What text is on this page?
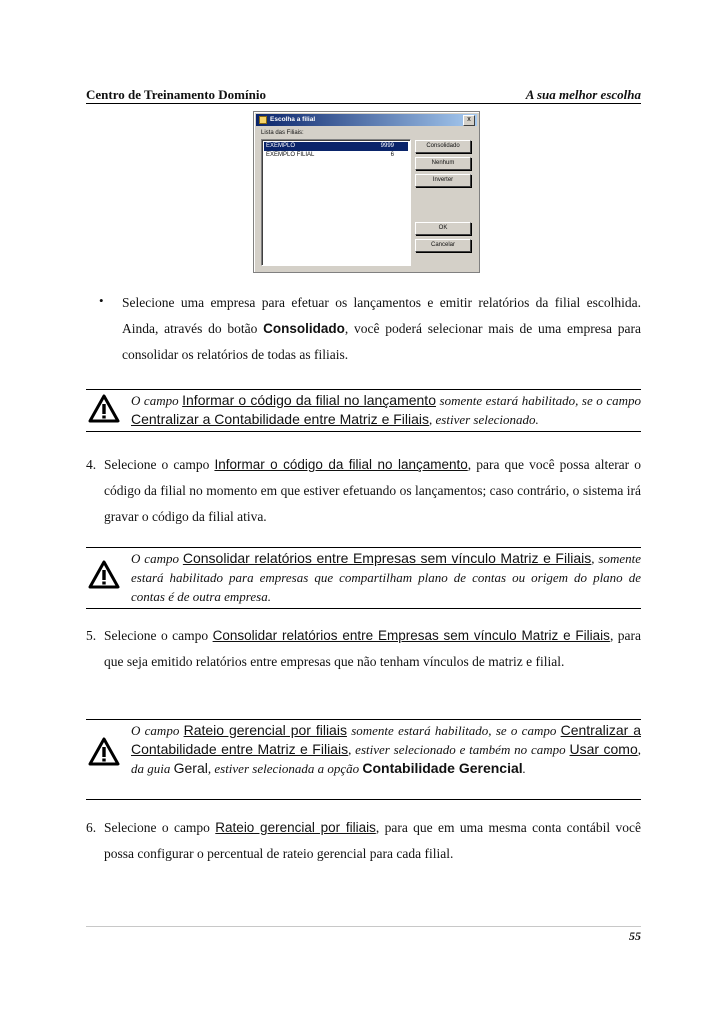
Centro de Treinamento Domínio	A sua melhor escolha
Escolha a filial	x
Lista das Filiais:
EXEMPLO	9999
EXEMPLO FILIAL	6
Consolidado
Nenhum
Inverter
OK
Cancelar
• Selecione uma empresa para efetuar os lançamentos e emitir relatórios da filial escolhida. Ainda, através do botão Consolidado, você poderá selecionar mais de uma empresa para consolidar os relatórios de todas as filiais.
O campo Informar o código da filial no lançamento somente estará habilitado, se o campo Centralizar a Contabilidade entre Matriz e Filiais, estiver selecionado.
4. Selecione o campo Informar o código da filial no lançamento, para que você possa alterar o código da filial no momento em que estiver efetuando os lançamentos; caso contrário, o sistema irá gravar o código da filial ativa.
O campo Consolidar relatórios entre Empresas sem vínculo Matriz e Filiais, somente estará habilitado para empresas que compartilham plano de contas ou origem do plano de contas é de outra empresa.
5. Selecione o campo Consolidar relatórios entre Empresas sem vínculo Matriz e Filiais, para que seja emitido relatórios entre empresas que não tenham vínculos de matriz e filial.
O campo Rateio gerencial por filiais somente estará habilitado, se o campo Centralizar a Contabilidade entre Matriz e Filiais, estiver selecionado e também no campo Usar como, da guia Geral, estiver selecionada a opção Contabilidade Gerencial.
6. Selecione o campo Rateio gerencial por filiais, para que em uma mesma conta contábil você possa configurar o percentual de rateio gerencial para cada filial.
55
